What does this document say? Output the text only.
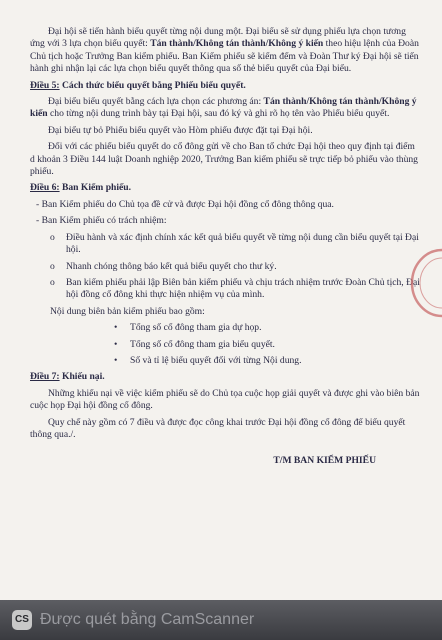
Đại hội sẽ tiến hành biểu quyết từng nội dung một. Đại biểu sẽ sử dụng phiếu lựa chọn tương ứng với 3 lựa chọn biểu quyết: Tán thành/Không tán thành/Không ý kiến theo hiệu lệnh của Đoàn Chủ tịch hoặc Trưởng Ban kiểm phiếu. Ban Kiểm phiếu sẽ kiểm đếm và Đoàn Thư ký Đại hội sẽ tiến hành ghi nhận lại các lựa chọn biểu quyết thông qua số thẻ biểu quyết của Đại biểu.

Điều 5: Cách thức biểu quyết bằng Phiếu biểu quyết.

Đại biểu biểu quyết bằng cách lựa chọn các phương án: Tán thành/Không tán thành/Không ý kiến cho từng nội dung trình bày tại Đại hội, sau đó ký và ghi rõ họ tên vào Phiếu biểu quyết.

Đại biểu tự bỏ Phiếu biểu quyết vào Hòm phiếu được đặt tại Đại hội.

Đối với các phiếu biểu quyết do cổ đông gửi về cho Ban tổ chức Đại hội theo quy định tại điểm d khoản 3 Điều 144 luật Doanh nghiệp 2020, Trưởng Ban kiểm phiếu sẽ trực tiếp bỏ phiếu vào thùng phiếu.

Điều 6: Ban Kiểm phiếu.

- Ban Kiểm phiếu do Chủ tọa đề cử và được Đại hội đồng cổ đông thông qua.

- Ban Kiểm phiếu có trách nhiệm:

o Điều hành và xác định chính xác kết quả biểu quyết về từng nội dung cần biểu quyết tại Đại hội.
o Nhanh chóng thông báo kết quả biểu quyết cho thư ký.
o Ban kiểm phiếu phải lập Biên bản kiểm phiếu và chịu trách nhiệm trước Đoàn Chủ tịch, Đại hội đồng cổ đông khi thực hiện nhiệm vụ của mình.

Nội dung biên bản kiểm phiếu bao gồm:

• Tổng số cổ đông tham gia dự họp.
• Tổng số cổ đông tham gia biểu quyết.
• Số và tỉ lệ biểu quyết đối với từng Nội dung.

Điều 7: Khiếu nại.

Những khiếu nại về việc kiểm phiếu sẽ do Chủ tọa cuộc họp giải quyết và được ghi vào biên bản cuộc họp Đại hội đồng cổ đông.

Quy chế này gồm có 7 điều và được đọc công khai trước Đại hội đồng cổ đông để biểu quyết thông qua./.

T/M BAN KIỂM PHIẾU

CS Được quét bằng CamScanner
